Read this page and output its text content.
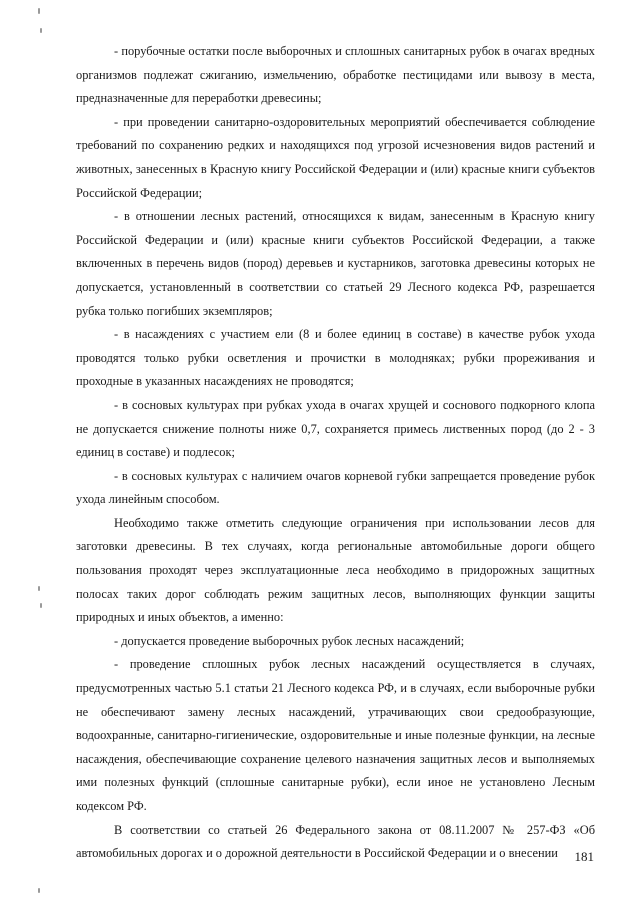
- порубочные остатки после выборочных и сплошных санитарных рубок в очагах вредных организмов подлежат сжиганию, измельчению, обработке пестицидами или вывозу в места, предназначенные для переработки древесины;

- при проведении санитарно-оздоровительных мероприятий обеспечивается соблюдение требований по сохранению редких и находящихся под угрозой исчезновения видов растений и животных, занесенных в Красную книгу Российской Федерации и (или) красные книги субъектов Российской Федерации;

- в отношении лесных растений, относящихся к видам, занесенным в Красную книгу Российской Федерации и (или) красные книги субъектов Российской Федерации, а также включенных в перечень видов (пород) деревьев и кустарников, заготовка древесины которых не допускается, установленный в соответствии со статьей 29 Лесного кодекса РФ, разрешается рубка только погибших экземпляров;

- в насаждениях с участием ели (8 и более единиц в составе) в качестве рубок ухода проводятся только рубки осветления и прочистки в молодняках; рубки прореживания и проходные в указанных насаждениях не проводятся;

- в сосновых культурах при рубках ухода в очагах хрущей и соснового подкорного клопа не допускается снижение полноты ниже 0,7, сохраняется примесь лиственных пород (до 2 - 3 единиц в составе) и подлесок;

- в сосновых культурах с наличием очагов корневой губки запрещается проведение рубок ухода линейным способом.

Необходимо также отметить следующие ограничения при использовании лесов для заготовки древесины. В тех случаях, когда региональные автомобильные дороги общего пользования проходят через эксплуатационные леса необходимо в придорожных защитных полосах таких дорог соблюдать режим защитных лесов, выполняющих функции защиты природных и иных объектов, а именно:

- допускается проведение выборочных рубок лесных насаждений;

- проведение сплошных рубок лесных насаждений осуществляется в случаях, предусмотренных частью 5.1 статьи 21 Лесного кодекса РФ, и в случаях, если выборочные рубки не обеспечивают замену лесных насаждений, утрачивающих свои средообразующие, водоохранные, санитарно-гигиенические, оздоровительные и иные полезные функции, на лесные насаждения, обеспечивающие сохранение целевого назначения защитных лесов и выполняемых ими полезных функций (сплошные санитарные рубки), если иное не установлено Лесным кодексом РФ.

В соответствии со статьей 26 Федерального закона от 08.11.2007 № 257-ФЗ «Об автомобильных дорогах и о дорожной деятельности в Российской Федерации и о внесении	181
